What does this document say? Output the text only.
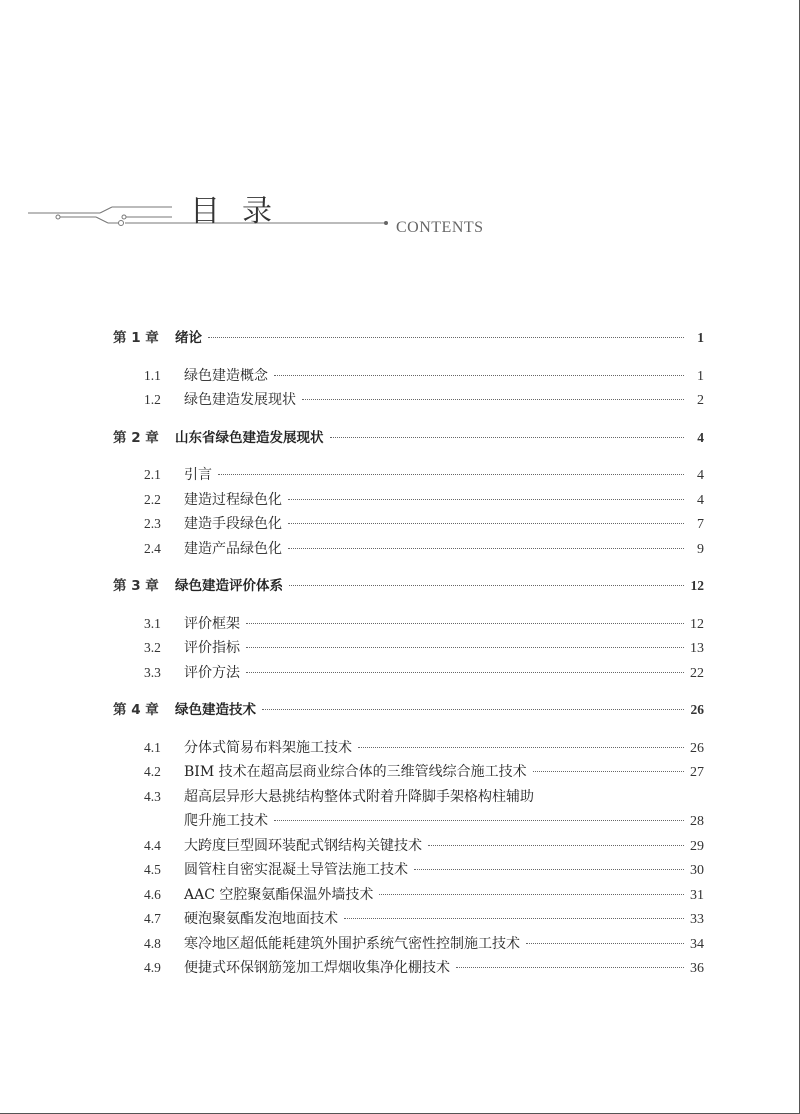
目录	CONTENTS
第 1 章	绪论	1
1.1	绿色建造概念	1
1.2	绿色建造发展现状	2
第 2 章	山东省绿色建造发展现状	4
2.1	引言	4
2.2	建造过程绿色化	4
2.3	建造手段绿色化	7
2.4	建造产品绿色化	9
第 3 章	绿色建造评价体系	12
3.1	评价框架	12
3.2	评价指标	13
3.3	评价方法	22
第 4 章	绿色建造技术	26
4.1	分体式简易布料架施工技术	26
4.2	BIM 技术在超高层商业综合体的三维管线综合施工技术	27
4.3	超高层异形大悬挑结构整体式附着升降脚手架格构柱辅助
爬升施工技术	28
4.4	大跨度巨型圆环装配式钢结构关键技术	29
4.5	圆管柱自密实混凝土导管法施工技术	30
4.6	AAC 空腔聚氨酯保温外墙技术	31
4.7	硬泡聚氨酯发泡地面技术	33
4.8	寒冷地区超低能耗建筑外围护系统气密性控制施工技术	34
4.9	便捷式环保钢筋笼加工焊烟收集净化棚技术	36
